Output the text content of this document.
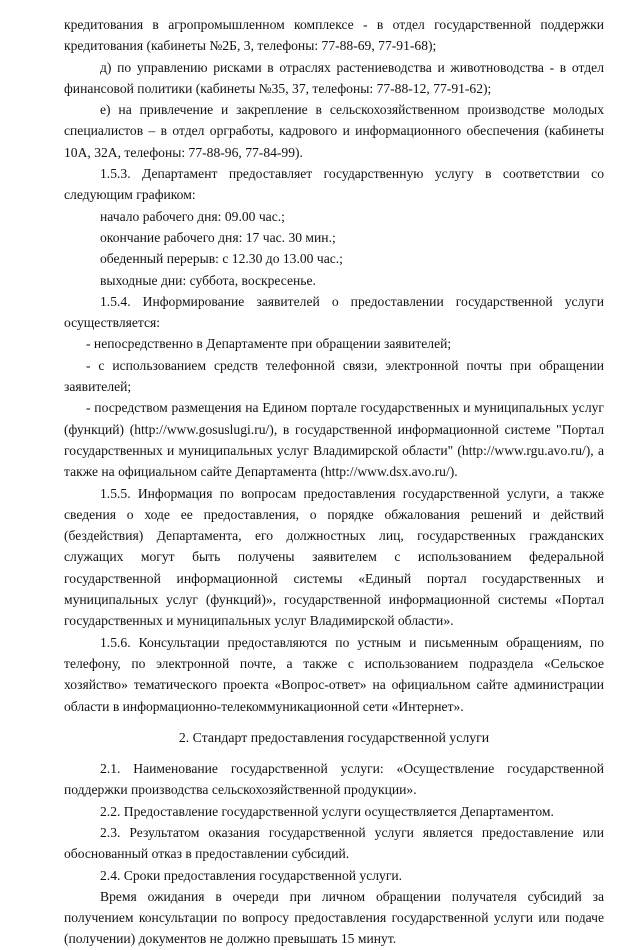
кредитования в агропромышленном комплексе - в отдел государственной поддержки кредитования (кабинеты №2Б, 3, телефоны: 77-88-69, 77-91-68);

д) по управлению рисками в отраслях растениеводства и животноводства - в отдел финансовой политики (кабинеты №35, 37, телефоны: 77-88-12, 77-91-62);

е) на привлечение и закрепление в сельскохозяйственном производстве молодых специалистов – в отдел оргработы, кадрового и информационного обеспечения (кабинеты 10А, 32А, телефоны: 77-88-96, 77-84-99).

1.5.3. Департамент предоставляет государственную услугу в соответствии со следующим графиком:

начало рабочего дня: 09.00 час.;

окончание рабочего дня: 17 час. 30 мин.;

обеденный перерыв: с 12.30 до 13.00 час.;

выходные дни: суббота, воскресенье.

1.5.4. Информирование заявителей о предоставлении государственной услуги осуществляется:

- непосредственно в Департаменте при обращении заявителей;

- с использованием средств телефонной связи, электронной почты при обращении заявителей;

- посредством размещения на Едином портале государственных и муниципальных услуг (функций) (http://www.gosuslugi.ru/), в государственной информационной системе "Портал государственных и муниципальных услуг Владимирской области" (http://www.rgu.avo.ru/), а также на официальном сайте Департамента (http://www.dsx.avo.ru/).

1.5.5. Информация по вопросам предоставления государственной услуги, а также сведения о ходе ее предоставления, о порядке обжалования решений и действий (бездействия) Департамента, его должностных лиц, государственных гражданских служащих могут быть получены заявителем с использованием федеральной государственной информационной системы «Единый портал государственных и муниципальных услуг (функций)», государственной информационной системы «Портал государственных и муниципальных услуг Владимирской области».

1.5.6. Консультации предоставляются по устным и письменным обращениям, по телефону, по электронной почте, а также с использованием подраздела «Сельское хозяйство» тематического проекта «Вопрос-ответ» на официальном сайте администрации области в информационно-телекоммуникационной сети «Интернет».

2. Стандарт предоставления государственной услуги

2.1. Наименование государственной услуги: «Осуществление государственной поддержки производства сельскохозяйственной продукции».

2.2. Предоставление государственной услуги осуществляется Департаментом.

2.3. Результатом оказания государственной услуги является предоставление или обоснованный отказ в предоставлении субсидий.

2.4. Сроки предоставления государственной услуги.

Время ожидания в очереди при личном обращении получателя субсидий за получением консультации по вопросу предоставления государственной услуги или подаче (получении) документов не должно превышать 15 минут.
